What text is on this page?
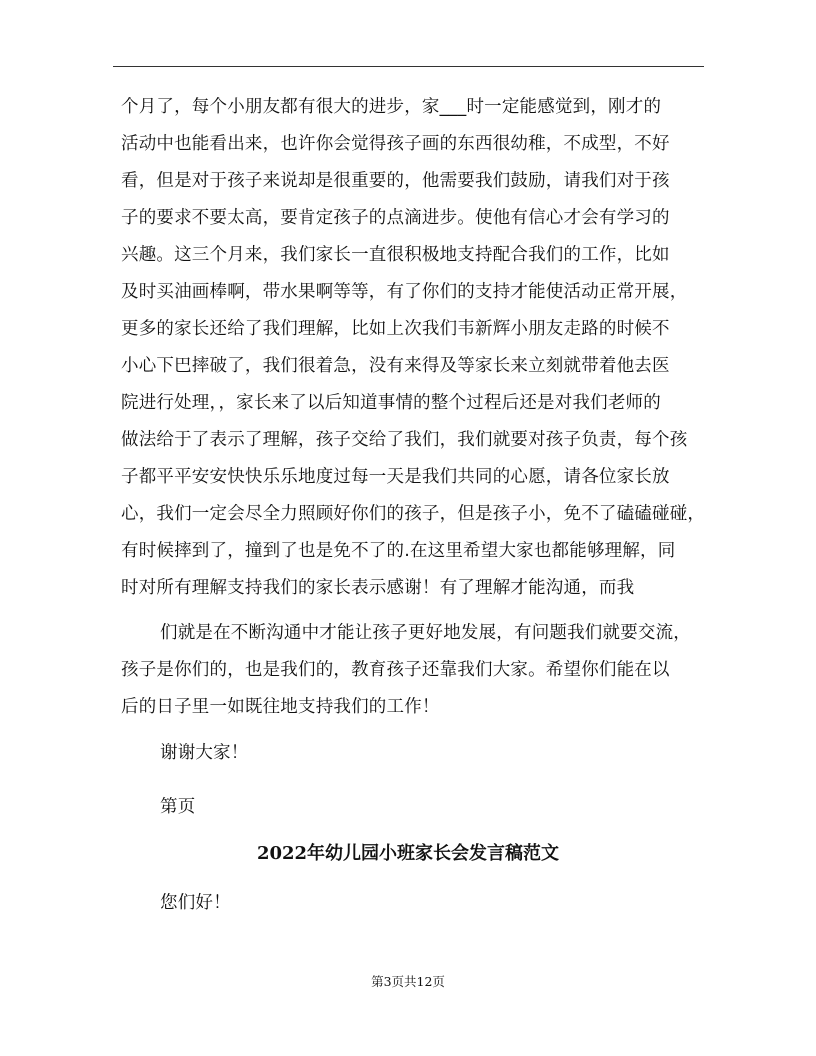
个月了，每个小朋友都有很大的进步，家___时一定能感觉到，刚才的
活动中也能看出来，也许你会觉得孩子画的东西很幼稚，不成型，不好
看，但是对于孩子来说却是很重要的，他需要我们鼓励，请我们对于孩
子的要求不要太高，要肯定孩子的点滴进步。使他有信心才会有学习的
兴趣。这三个月来，我们家长一直很积极地支持配合我们的工作，比如
及时买油画棒啊，带水果啊等等，有了你们的支持才能使活动正常开展，
更多的家长还给了我们理解，比如上次我们韦新辉小朋友走路的时候不
小心下巴摔破了，我们很着急，没有来得及等家长来立刻就带着他去医
院进行处理，，家长来了以后知道事情的整个过程后还是对我们老师的
做法给于了表示了理解，孩子交给了我们，我们就要对孩子负责，每个孩
子都平平安安快快乐乐地度过每一天是我们共同的心愿，请各位家长放
心，我们一定会尽全力照顾好你们的孩子，但是孩子小，免不了磕磕碰碰，
有时候摔到了，撞到了也是免不了的.在这里希望大家也都能够理解，同
时对所有理解支持我们的家长表示感谢！有了理解才能沟通，而我
们就是在不断沟通中才能让孩子更好地发展，有问题我们就要交流，
孩子是你们的，也是我们的，教育孩子还靠我们大家。希望你们能在以
后的日子里一如既往地支持我们的工作！
谢谢大家！
第页
2022年幼儿园小班家长会发言稿范文
您们好！
第3页共12页
